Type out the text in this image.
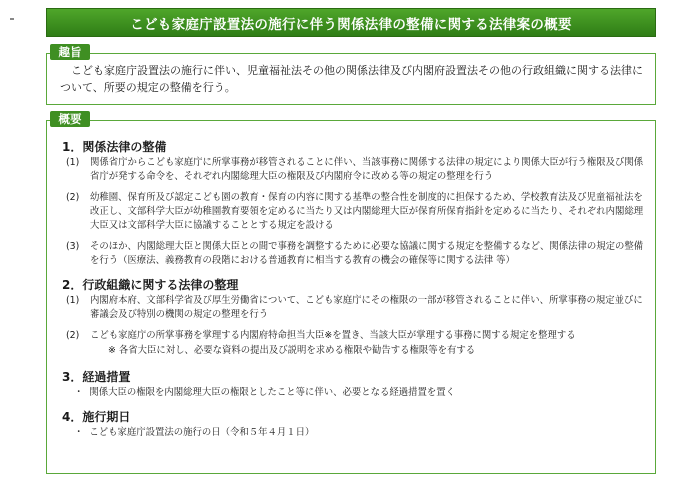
こども家庭庁設置法の施行に伴う関係法律の整備に関する法律案の概要
趣旨
こども家庭庁設置法の施行に伴い、児童福祉法その他の関係法律及び内閣府設置法その他の行政組織に関する法律について、所要の規定の整備を行う。
概要
1．関係法律の整備
(1) 関係省庁からこども家庭庁に所掌事務が移管されることに伴い、当該事務に関係する法律の規定により関係大臣が行う権限及び関係省庁が発する命令を、それぞれ内閣総理大臣の権限及び内閣府令に改める等の規定の整理を行う
(2) 幼稚園、保育所及び認定こども園の教育・保育の内容に関する基準の整合性を制度的に担保するため、学校教育法及び児童福祉法を改正し、文部科学大臣が幼稚園教育要領を定めるに当たり又は内閣総理大臣が保育所保育指針を定めるに当たり、それぞれ内閣総理大臣又は文部科学大臣に協議することとする規定を設ける
(3) そのほか、内閣総理大臣と関係大臣との間で事務を調整するために必要な協議に関する規定を整備するなど、関係法律の規定の整備を行う（医療法、義務教育の段階における普通教育に相当する教育の機会の確保等に関する法律 等）
2．行政組織に関する法律の整理
(1) 内閣府本府、文部科学省及び厚生労働省について、こども家庭庁にその権限の一部が移管されることに伴い、所掌事務の規定並びに審議会及び特別の機関の規定の整理を行う
(2) こども家庭庁の所掌事務を掌理する内閣府特命担当大臣※を置き、当該大臣が掌理する事務に関する規定を整理する
※ 各省大臣に対し、必要な資料の提出及び説明を求める権限や勧告する権限等を有する
3．経過措置
・ 関係大臣の権限を内閣総理大臣の権限としたこと等に伴い、必要となる経過措置を置く
4．施行期日
・ こども家庭庁設置法の施行の日（令和５年４月１日）
